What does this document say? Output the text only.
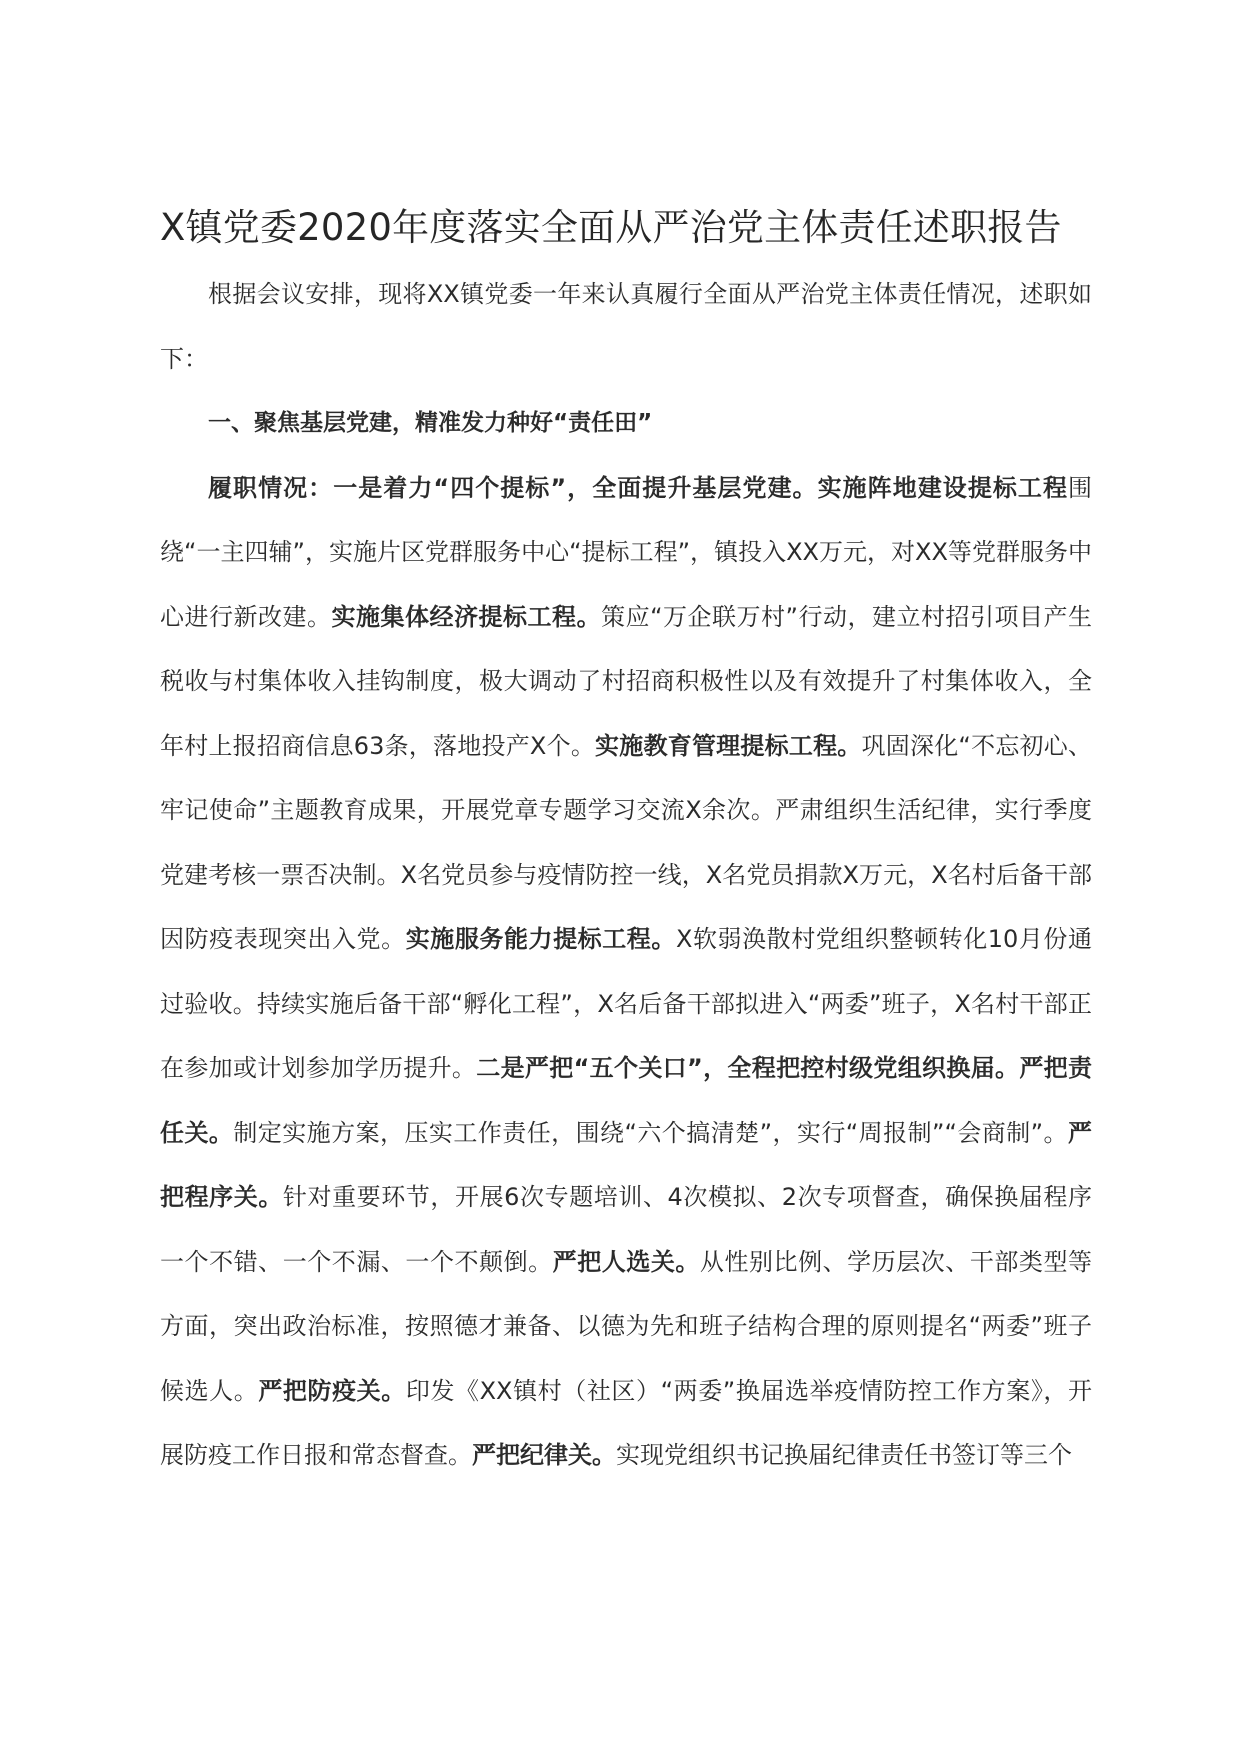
X镇党委2020年度落实全面从严治党主体责任述职报告

根据会议安排，现将XX镇党委一年来认真履行全面从严治党主体责任情况，述职如下：

一、聚焦基层党建，精准发力种好“责任田”

履职情况：一是着力“四个提标”，全面提升基层党建。实施阵地建设提标工程围绕“一主四辅”，实施片区党群服务中心“提标工程”，镇投入XX万元，对XX等党群服务中心进行新改建。实施集体经济提标工程。策应“万企联万村”行动，建立村招引项目产生税收与村集体收入挂钩制度，极大调动了村招商积极性以及有效提升了村集体收入，全年村上报招商信息63条，落地投产X个。实施教育管理提标工程。巩固深化“不忘初心、牢记使命”主题教育成果，开展党章专题学习交流X余次。严肃组织生活纪律，实行季度党建考核一票否决制。X名党员参与疫情防控一线，X名党员捐款X万元，X名村后备干部因防疫表现突出入党。实施服务能力提标工程。X软弱涣散村党组织整顿转化10月份通过验收。持续实施后备干部“孵化工程”，X名后备干部拟进入“两委”班子，X名村干部正在参加或计划参加学历提升。二是严把“五个关口”，全程把控村级党组织换届。严把责任关。制定实施方案，压实工作责任，围绕“六个搞清楚”，实行“周报制”“会商制”。严把程序关。针对重要环节，开展6次专题培训、4次模拟、2次专项督查，确保换届程序一个不错、一个不漏、一个不颠倒。严把人选关。从性别比例、学历层次、干部类型等方面，突出政治标准，按照德才兼备、以德为先和班子结构合理的原则提名“两委”班子候选人。严把防疫关。印发《XX镇村（社区）“两委”换届选举疫情防控工作方案》，开展防疫工作日报和常态督查。严把纪律关。实现党组织书记换届纪律责任书签订等三个
